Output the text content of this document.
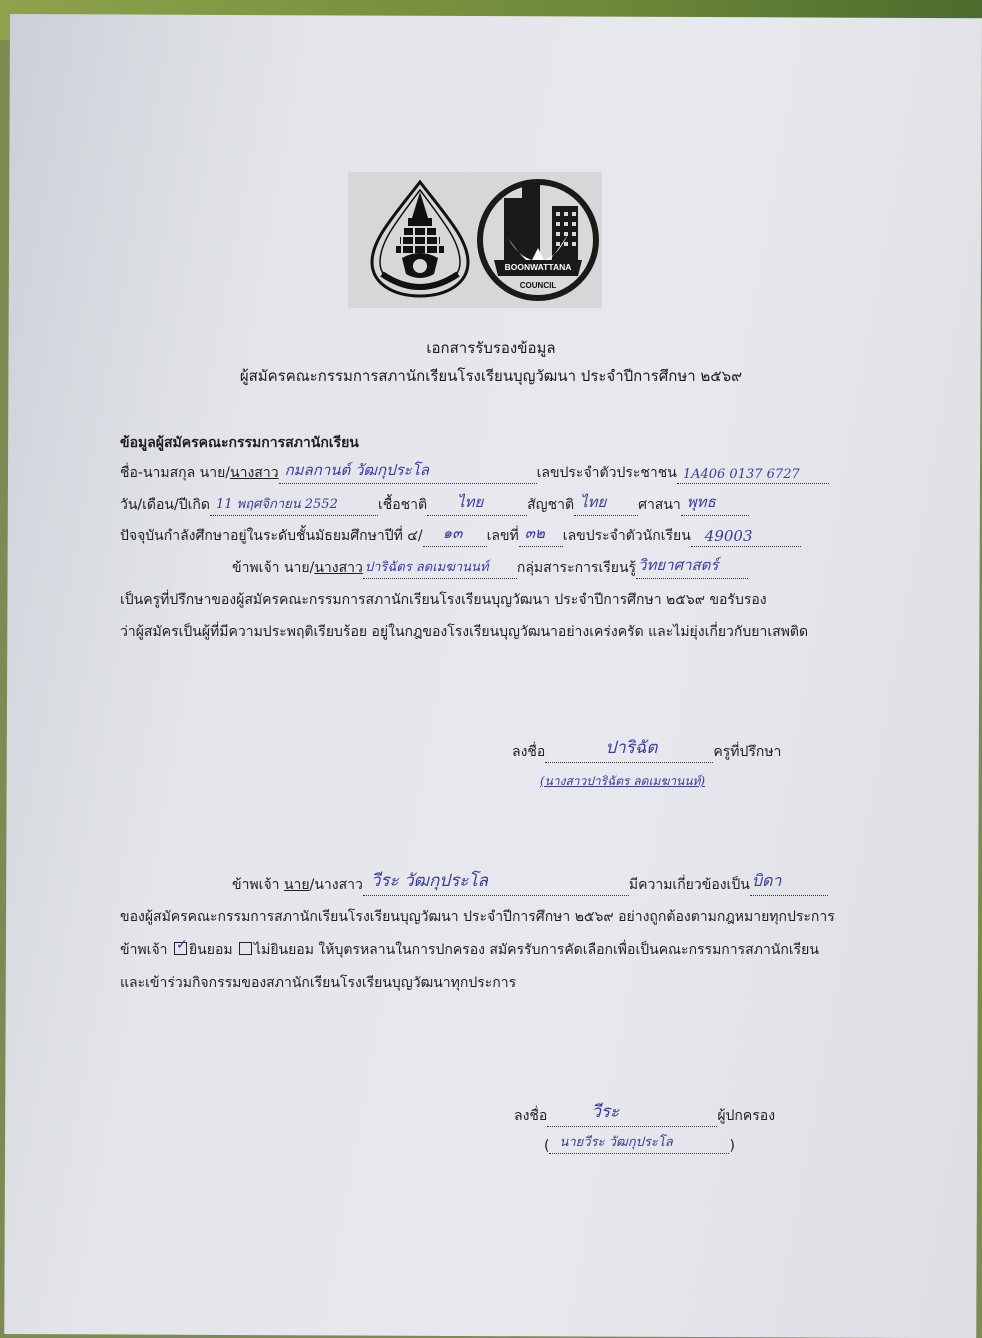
BOONWATTANA
COUNCIL
เอกสารรับรองข้อมูล
ผู้สมัครคณะกรรมการสภานักเรียนโรงเรียนบุญวัฒนา ประจำปีการศึกษา ๒๕๖๙
ข้อมูลผู้สมัครคณะกรรมการสภานักเรียน
ชื่อ-นามสกุล นาย/นางสาว กมลกานต์ วัฒกุประโล	เลขประจำตัวประชาชน 1A406 0137 6727
วัน/เดือน/ปีเกิด 11 พฤศจิกายน 2552	เชื้อชาติ ไทย	สัญชาติ ไทย ศาสนา พุทธ
ปัจจุบันกำลังศึกษาอยู่ในระดับชั้นมัธยมศึกษาปีที่ ๔/ ๑๓ เลขที่ ๓๒ เลขประจำตัวนักเรียน 49003
ข้าพเจ้า นาย/นางสาว ปาริฉัตร ลดเมฆานนท์ กลุ่มสาระการเรียนรู้ วิทยาศาสตร์
เป็นครูที่ปรึกษาของผู้สมัครคณะกรรมการสภานักเรียนโรงเรียนบุญวัฒนา ประจำปีการศึกษา ๒๕๖๙ ขอรับรอง
ว่าผู้สมัครเป็นผู้ที่มีความประพฤติเรียบร้อย อยู่ในกฎของโรงเรียนบุญวัฒนาอย่างเคร่งครัด และไม่ยุ่งเกี่ยวกับยาเสพติด
ลงชื่อ	ปาริฉัต	ครูที่ปรึกษา
(นางสาวปาริฉัตร ลดเมฆานนท์)
ข้าพเจ้า นาย/นางสาว วีระ วัฒกุประโล	มีความเกี่ยวข้องเป็น บิดา
ของผู้สมัครคณะกรรมการสภานักเรียนโรงเรียนบุญวัฒนา ประจำปีการศึกษา ๒๕๖๙ อย่างถูกต้องตามกฎหมายทุกประการ
ข้าพเจ้า ✓ ยินยอม ไม่ยินยอม ให้บุตรหลานในการปกครอง สมัครรับการคัดเลือกเพื่อเป็นคณะกรรมการสภานักเรียน
และเข้าร่วมกิจกรรมของสภานักเรียนโรงเรียนบุญวัฒนาทุกประการ
ลงชื่อ	วีระ	ผู้ปกครอง
( นายวีระ วัฒกุประโล	)
